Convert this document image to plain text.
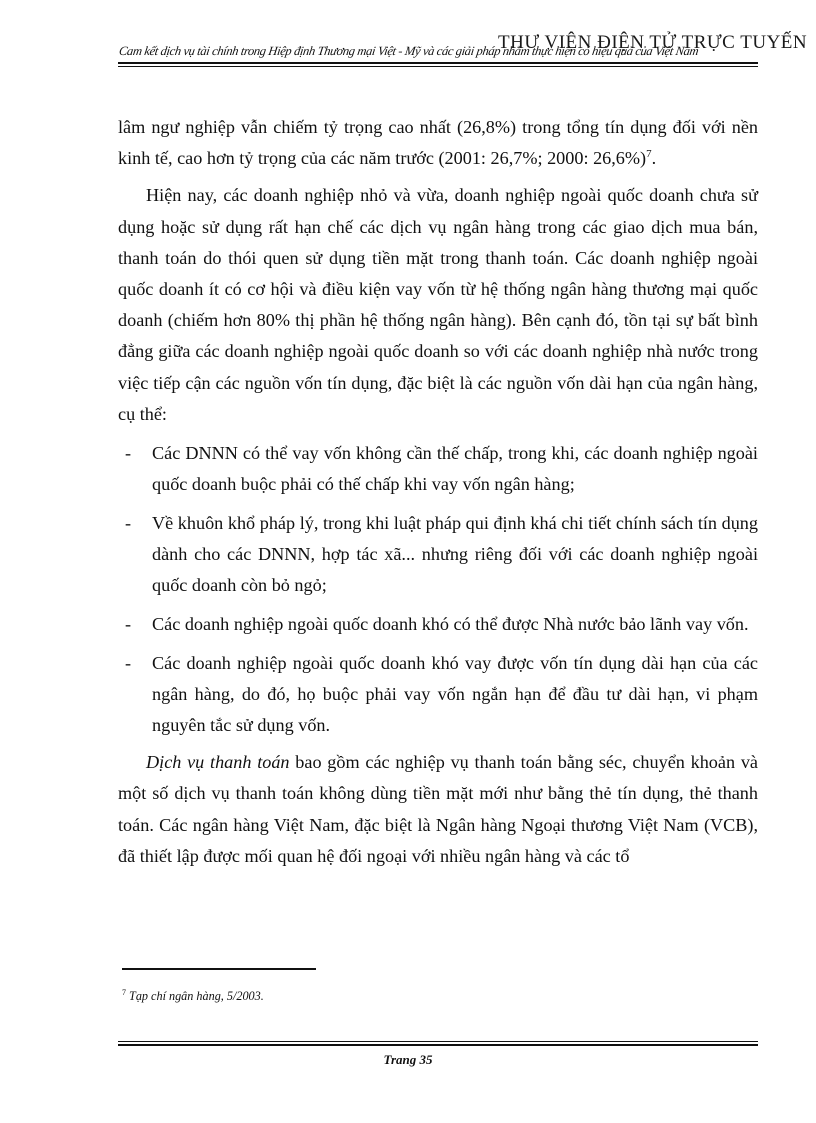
Cam kết dịch vụ tài chính trong Hiệp định Thương mại Việt - Mỹ và các giải pháp nhằm thực hiện có hiệu quả của Việt Nam
THƯ VIỆN ĐIỆN TỬ TRỰC TUYẾN

lâm ngư nghiệp vẫn chiếm tỷ trọng cao nhất (26,8%) trong tổng tín dụng đối với nền kinh tế, cao hơn tỷ trọng của các năm trước (2001: 26,7%; 2000: 26,6%)$^7$.

Hiện nay, các doanh nghiệp nhỏ và vừa, doanh nghiệp ngoài quốc doanh chưa sử dụng hoặc sử dụng rất hạn chế các dịch vụ ngân hàng trong các giao dịch mua bán, thanh toán do thói quen sử dụng tiền mặt trong thanh toán. Các doanh nghiệp ngoài quốc doanh ít có cơ hội và điều kiện vay vốn từ hệ thống ngân hàng thương mại quốc doanh (chiếm hơn 80% thị phần hệ thống ngân hàng). Bên cạnh đó, tồn tại sự bất bình đẳng giữa các doanh nghiệp ngoài quốc doanh so với các doanh nghiệp nhà nước trong việc tiếp cận các nguồn vốn tín dụng, đặc biệt là các nguồn vốn dài hạn của ngân hàng, cụ thể:

- Các DNNN có thể vay vốn không cần thế chấp, trong khi, các doanh nghiệp ngoài quốc doanh buộc phải có thế chấp khi vay vốn ngân hàng;

- Về khuôn khổ pháp lý, trong khi luật pháp qui định khá chi tiết chính sách tín dụng dành cho các DNNN, hợp tác xã... nhưng riêng đối với các doanh nghiệp ngoài quốc doanh còn bỏ ngỏ;

- Các doanh nghiệp ngoài quốc doanh khó có thể được Nhà nước bảo lãnh vay vốn.

- Các doanh nghiệp ngoài quốc doanh khó vay được vốn tín dụng dài hạn của các ngân hàng, do đó, họ buộc phải vay vốn ngắn hạn để đầu tư dài hạn, vi phạm nguyên tắc sử dụng vốn.

Dịch vụ thanh toán bao gồm các nghiệp vụ thanh toán bằng séc, chuyển khoản và một số dịch vụ thanh toán không dùng tiền mặt mới như bằng thẻ tín dụng, thẻ thanh toán. Các ngân hàng Việt Nam, đặc biệt là Ngân hàng Ngoại thương Việt Nam (VCB), đã thiết lập được mối quan hệ đối ngoại với nhiều ngân hàng và các tổ

$^7$ Tạp chí ngân hàng, 5/2003.
Trang 35
